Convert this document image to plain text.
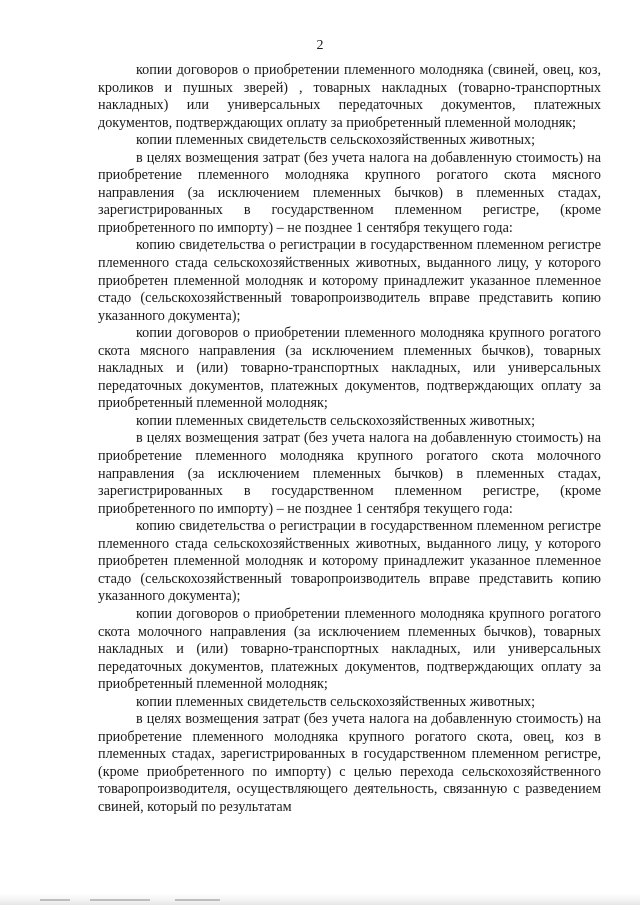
2

копии договоров о приобретении племенного молодняка (свиней, овец, коз, кроликов и пушных зверей) , товарных накладных (товарно-транспортных накладных) или универсальных передаточных документов, платежных документов, подтверждающих оплату за приобретенный племенной молодняк;

копии племенных свидетельств сельскохозяйственных животных;

в целях возмещения затрат (без учета налога на добавленную стоимость) на приобретение племенного молодняка крупного рогатого скота мясного направления (за исключением племенных бычков) в племенных стадах, зарегистрированных в государственном племенном регистре, (кроме приобретенного по импорту) – не позднее 1 сентября текущего года:

копию свидетельства о регистрации в государственном племенном регистре племенного стада сельскохозяйственных животных, выданного лицу, у которого приобретен племенной молодняк и которому принадлежит указанное племенное стадо (сельскохозяйственный товаропроизводитель вправе представить копию указанного документа);

копии договоров о приобретении племенного молодняка крупного рогатого скота мясного направления (за исключением племенных бычков), товарных накладных и (или) товарно-транспортных накладных, или универсальных передаточных документов, платежных документов, подтверждающих оплату за приобретенный племенной молодняк;

копии племенных свидетельств сельскохозяйственных животных;

в целях возмещения затрат (без учета налога на добавленную стоимость) на приобретение племенного молодняка крупного рогатого скота молочного направления (за исключением племенных бычков) в племенных стадах, зарегистрированных в государственном племенном регистре, (кроме приобретенного по импорту) – не позднее 1 сентября текущего года:

копию свидетельства о регистрации в государственном племенном регистре племенного стада сельскохозяйственных животных, выданного лицу, у которого приобретен племенной молодняк и которому принадлежит указанное племенное стадо (сельскохозяйственный товаропроизводитель вправе представить копию указанного документа);

копии договоров о приобретении племенного молодняка крупного рогатого скота молочного направления (за исключением племенных бычков), товарных накладных и (или) товарно-транспортных накладных, или универсальных передаточных документов, платежных документов, подтверждающих оплату за приобретенный племенной молодняк;

копии племенных свидетельств сельскохозяйственных животных;

в целях возмещения затрат (без учета налога на добавленную стоимость) на приобретение племенного молодняка крупного рогатого скота, овец, коз в племенных стадах, зарегистрированных в государственном племенном регистре, (кроме приобретенного по импорту) с целью перехода сельскохозяйственного товаропроизводителя, осуществляющего деятельность, связанную с разведением свиней, который по результатам
